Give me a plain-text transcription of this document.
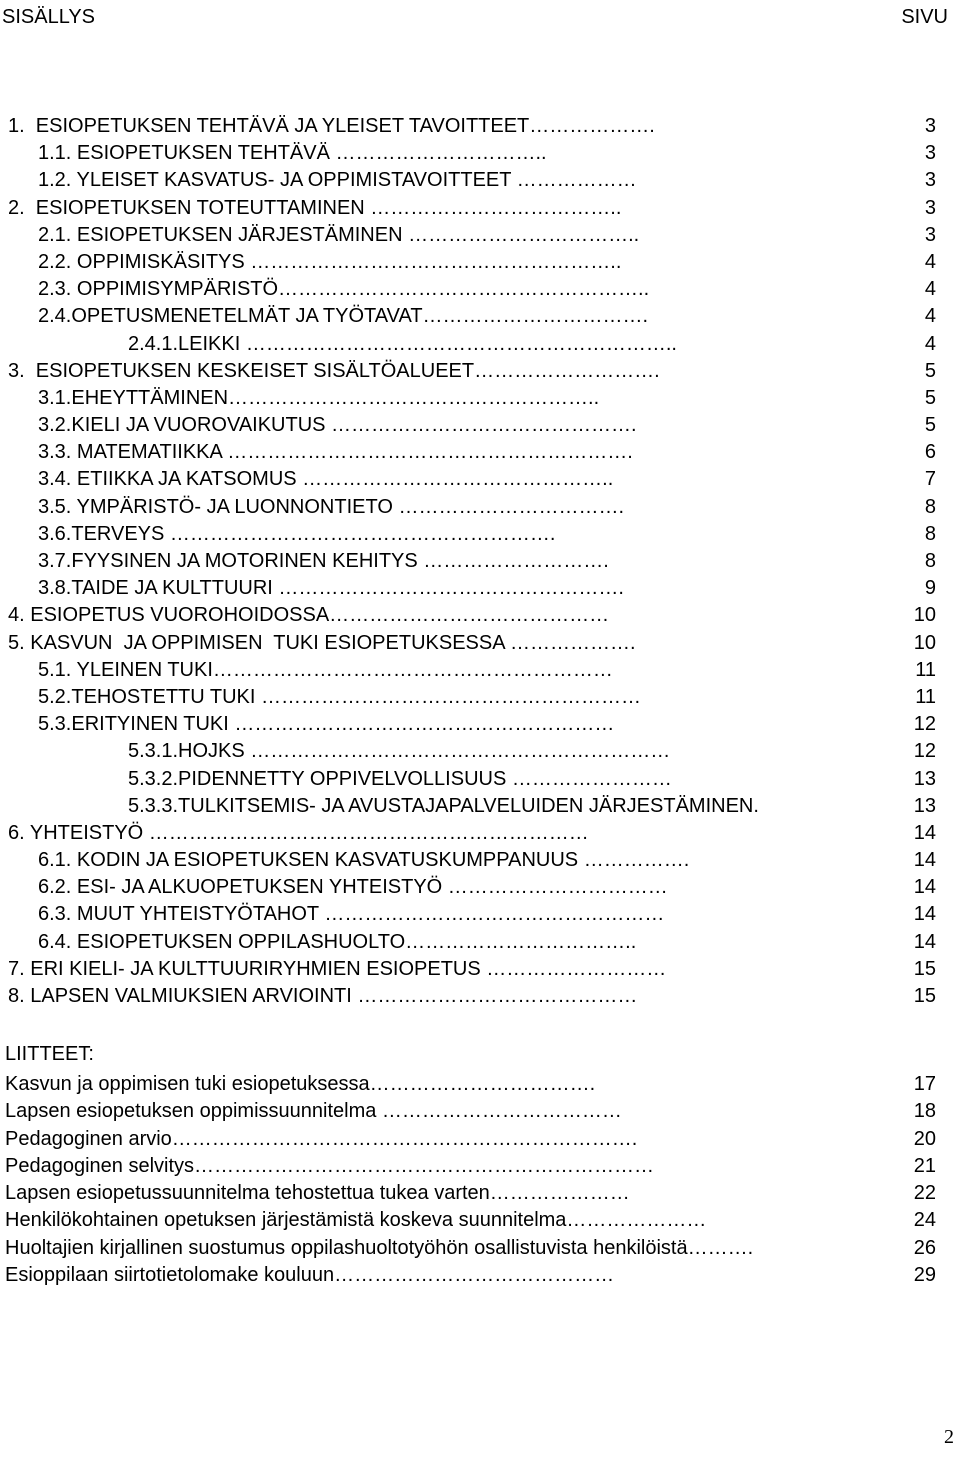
SISÄLLYS	SIVU
1.  ESIOPETUKSEN TEHTÄVÄ JA YLEISET TAVOITTEET……………….	3
1.1. ESIOPETUKSEN TEHTÄVÄ …………………………..	3
1.2. YLEISET KASVATUS- JA OPPIMISTAVOITTEET ………………	3
2.  ESIOPETUKSEN TOTEUTTAMINEN ………………………………..	3
2.1. ESIOPETUKSEN JÄRJESTÄMINEN ……………………………..	3
2.2. OPPIMISKÄSITYS ………………………………………………..	4
2.3. OPPIMISYMPÄRISTÖ………………………………………………..	4
2.4.OPETUSMENETELMÄT JA TYÖTAVAT…………………………….	4
2.4.1.LEIKKI ………………………………………………………..	4
3.  ESIOPETUKSEN KESKEISET SISÄLTÖALUEET……………………….	5
3.1.EHEYTTÄMINEN………………………………………………..	5
3.2.KIELI JA VUOROVAIKUTUS ……………………………………….	5
3.3. MATEMATIIKKA …………………………………………………….	6
3.4. ETIIKKA JA KATSOMUS ………………………………………..	7
3.5. YMPÄRISTÖ- JA LUONNONTIETO …………………………….	8
3.6.TERVEYS ………………………………………………….	8
3.7.FYYSINEN JA MOTORINEN KEHITYS ……………………….	8
3.8.TAIDE JA KULTTUURI …………………………………………….	9
4. ESIOPETUS VUOROHOIDOSSA……………………………………	10
5. KASVUN  JA OPPIMISEN  TUKI ESIOPETUKSESSA ……………….	10
5.1. YLEINEN TUKI……………………………………………………	11
5.2.TEHOSTETTU TUKI …………………………………………………	11
5.3.ERITYINEN TUKI …………………………………………………	12
5.3.1.HOJKS ………………………………………………………	12
5.3.2.PIDENNETTY OPPIVELVOLLISUUS ……………………	13
5.3.3.TULKITSEMIS- JA AVUSTAJAPALVELUIDEN JÄRJESTÄMINEN.	13
6. YHTEISTYÖ …………………………………………………………	14
6.1. KODIN JA ESIOPETUKSEN KASVATUSKUMPPANUUS …………….	14
6.2. ESI- JA ALKUOPETUKSEN YHTEISTYÖ ……………………………	14
6.3. MUUT YHTEISTYÖTAHOT ……………………………………………	14
6.4. ESIOPETUKSEN OPPILASHUOLTO……………………………..	14
7. ERI KIELI- JA KULTTUURIRYHMIEN ESIOPETUS ………………………	15
8. LAPSEN VALMIUKSIEN ARVIOINTI ……………………………………	15
LIITTEET:
Kasvun ja oppimisen tuki esiopetuksessa…………………………….	17
Lapsen esiopetuksen oppimissuunnitelma ………………………………	18
Pedagoginen arvio…………………………………………………………….	20
Pedagoginen selvitys……………………………………………………………	21
Lapsen esiopetussuunnitelma tehostettua tukea varten…………………	22
Henkilökohtainen opetuksen järjestämistä koskeva suunnitelma…………………	24
Huoltajien kirjallinen suostumus oppilashuoltotyöhön osallistuvista henkilöistä……….	26
Esioppilaan siirtotietolomake kouluun……………………………………	29
2
